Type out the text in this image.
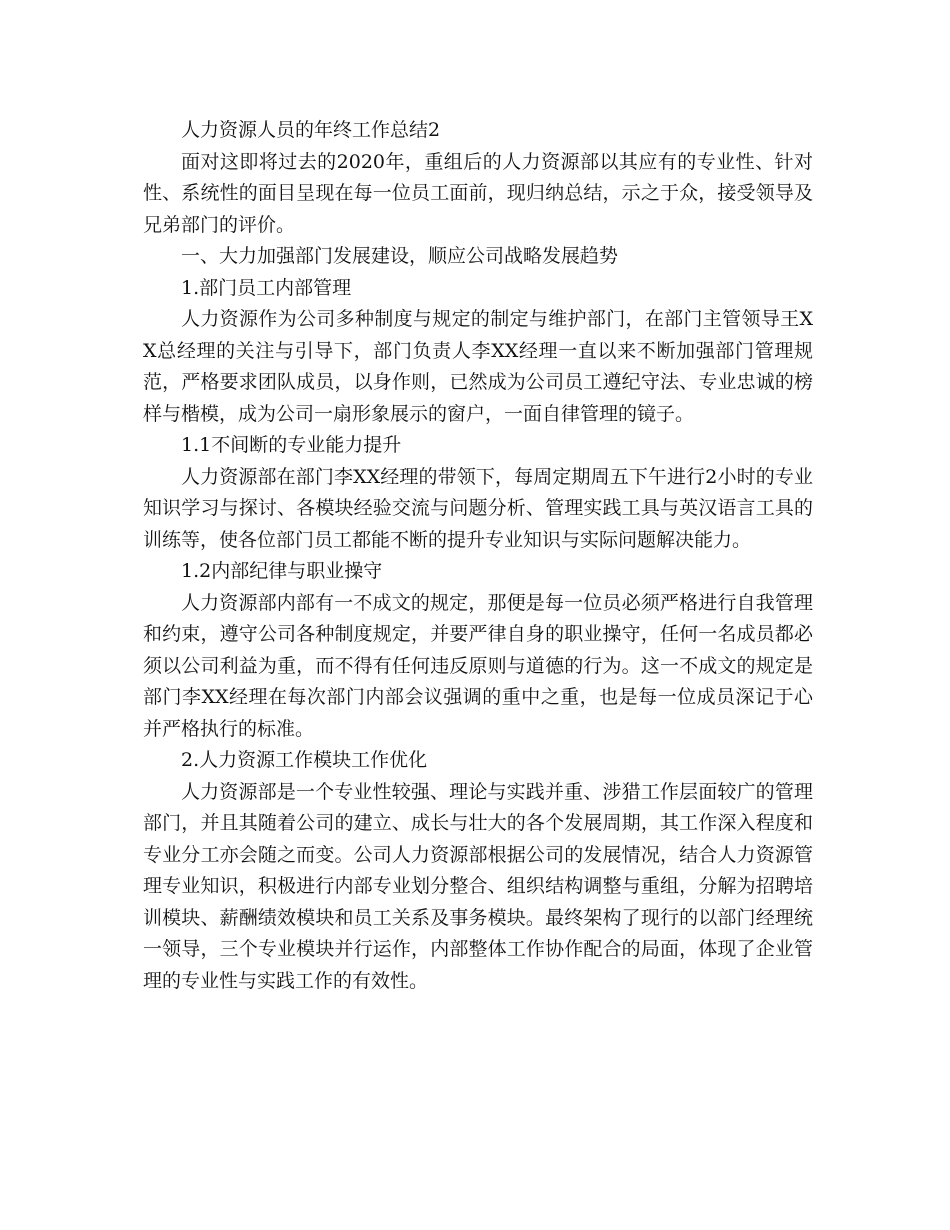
人力资源人员的年终工作总结2

面对这即将过去的2020年，重组后的人力资源部以其应有的专业性、针对性、系统性的面目呈现在每一位员工面前，现归纳总结，示之于众，接受领导及兄弟部门的评价。

一、大力加强部门发展建设，顺应公司战略发展趋势

1.部门员工内部管理

人力资源作为公司多种制度与规定的制定与维护部门，在部门主管领导王XX总经理的关注与引导下，部门负责人李XX经理一直以来不断加强部门管理规范，严格要求团队成员，以身作则，已然成为公司员工遵纪守法、专业忠诚的榜样与楷模，成为公司一扇形象展示的窗户，一面自律管理的镜子。

1.1不间断的专业能力提升

人力资源部在部门李XX经理的带领下，每周定期周五下午进行2小时的专业知识学习与探讨、各模块经验交流与问题分析、管理实践工具与英汉语言工具的训练等，使各位部门员工都能不断的提升专业知识与实际问题解决能力。

1.2内部纪律与职业操守

人力资源部内部有一不成文的规定，那便是每一位员必须严格进行自我管理和约束，遵守公司各种制度规定，并要严律自身的职业操守，任何一名成员都必须以公司利益为重，而不得有任何违反原则与道德的行为。这一不成文的规定是部门李XX经理在每次部门内部会议强调的重中之重，也是每一位成员深记于心并严格执行的标准。

2.人力资源工作模块工作优化

人力资源部是一个专业性较强、理论与实践并重、涉猎工作层面较广的管理部门，并且其随着公司的建立、成长与壮大的各个发展周期，其工作深入程度和专业分工亦会随之而变。公司人力资源部根据公司的发展情况，结合人力资源管理专业知识，积极进行内部专业划分整合、组织结构调整与重组，分解为招聘培训模块、薪酬绩效模块和员工关系及事务模块。最终架构了现行的以部门经理统一领导，三个专业模块并行运作，内部整体工作协作配合的局面，体现了企业管理的专业性与实践工作的有效性。
